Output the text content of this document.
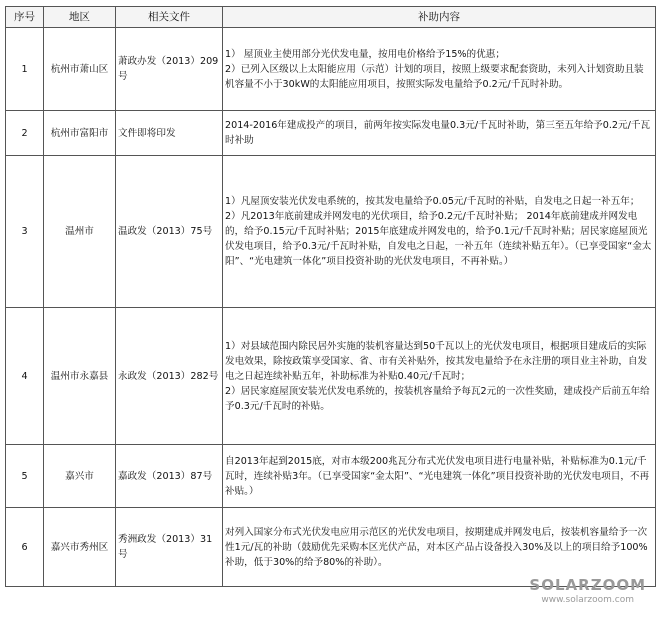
序号	地区	相关文件	补助内容
1	杭州市萧山区	萧政办发（2013）209号	1） 屋顶业主使用部分光伏发电量，按用电价格给予15%的优惠；
2）已列入区级以上太阳能应用（示范）计划的项目，按照上级要求配套资助，未列入计划资助且装机容量不小于30kW的太阳能应用项目，按照实际发电量给予0.2元/千瓦时补助。

2	杭州市富阳市	文件即将印发	2014-2016年建成投产的项目，前两年按实际发电量0.3元/千瓦时补助，第三至五年给予0.2元/千瓦时补助

3	温州市	温政发（2013）75号	1）凡屋顶安装光伏发电系统的，按其发电量给予0.05元/千瓦时的补贴，自发电之日起一补五年；
2）凡2013年底前建成并网发电的光伏项目，给予0.2元/千瓦时补贴； 2014年底前建成并网发电的，给予0.15元/千瓦时补贴；2015年底建成并网发电的，给予0.1元/千瓦时补贴；居民家庭屋顶光伏发电项目，给予0.3元/千瓦时补贴，自发电之日起，一补五年（连续补贴五年）。（已享受国家“金太阳”、“光电建筑一体化”项目投资补助的光伏发电项目，不再补贴。）

4	温州市永嘉县	永政发（2013）282号	1）对县域范围内除民居外实施的装机容量达到50千瓦以上的光伏发电项目，根据项目建成后的实际发电效果，除按政策享受国家、省、市有关补贴外，按其发电量给予在永注册的项目业主补助，自发电之日起连续补贴五年，补助标准为补贴0.40元/千瓦时；
2）居民家庭屋顶安装光伏发电系统的，按装机容量给予每瓦2元的一次性奖励，建成投产后前五年给予0.3元/千瓦时的补贴。

5	嘉兴市	嘉政发（2013）87号	自2013年起到2015底，对市本级200兆瓦分布式光伏发电项目进行电量补贴，补贴标准为0.1元/千瓦时，连续补贴3年。（已享受国家“金太阳”、“光电建筑一体化”项目投资补助的光伏发电项目，不再补贴。）

6	嘉兴市秀州区	秀洲政发（2013）31号	对列入国家分布式光伏发电应用示范区的光伏发电项目，按期建成并网发电后，按装机容量给予一次性1元/瓦的补助（鼓励优先采购本区光伏产品，对本区产品占设备投入30%及以上的项目给予100%补助，低于30%的给予80%的补助）。
SOLARZOOM
www.solarzoom.com
